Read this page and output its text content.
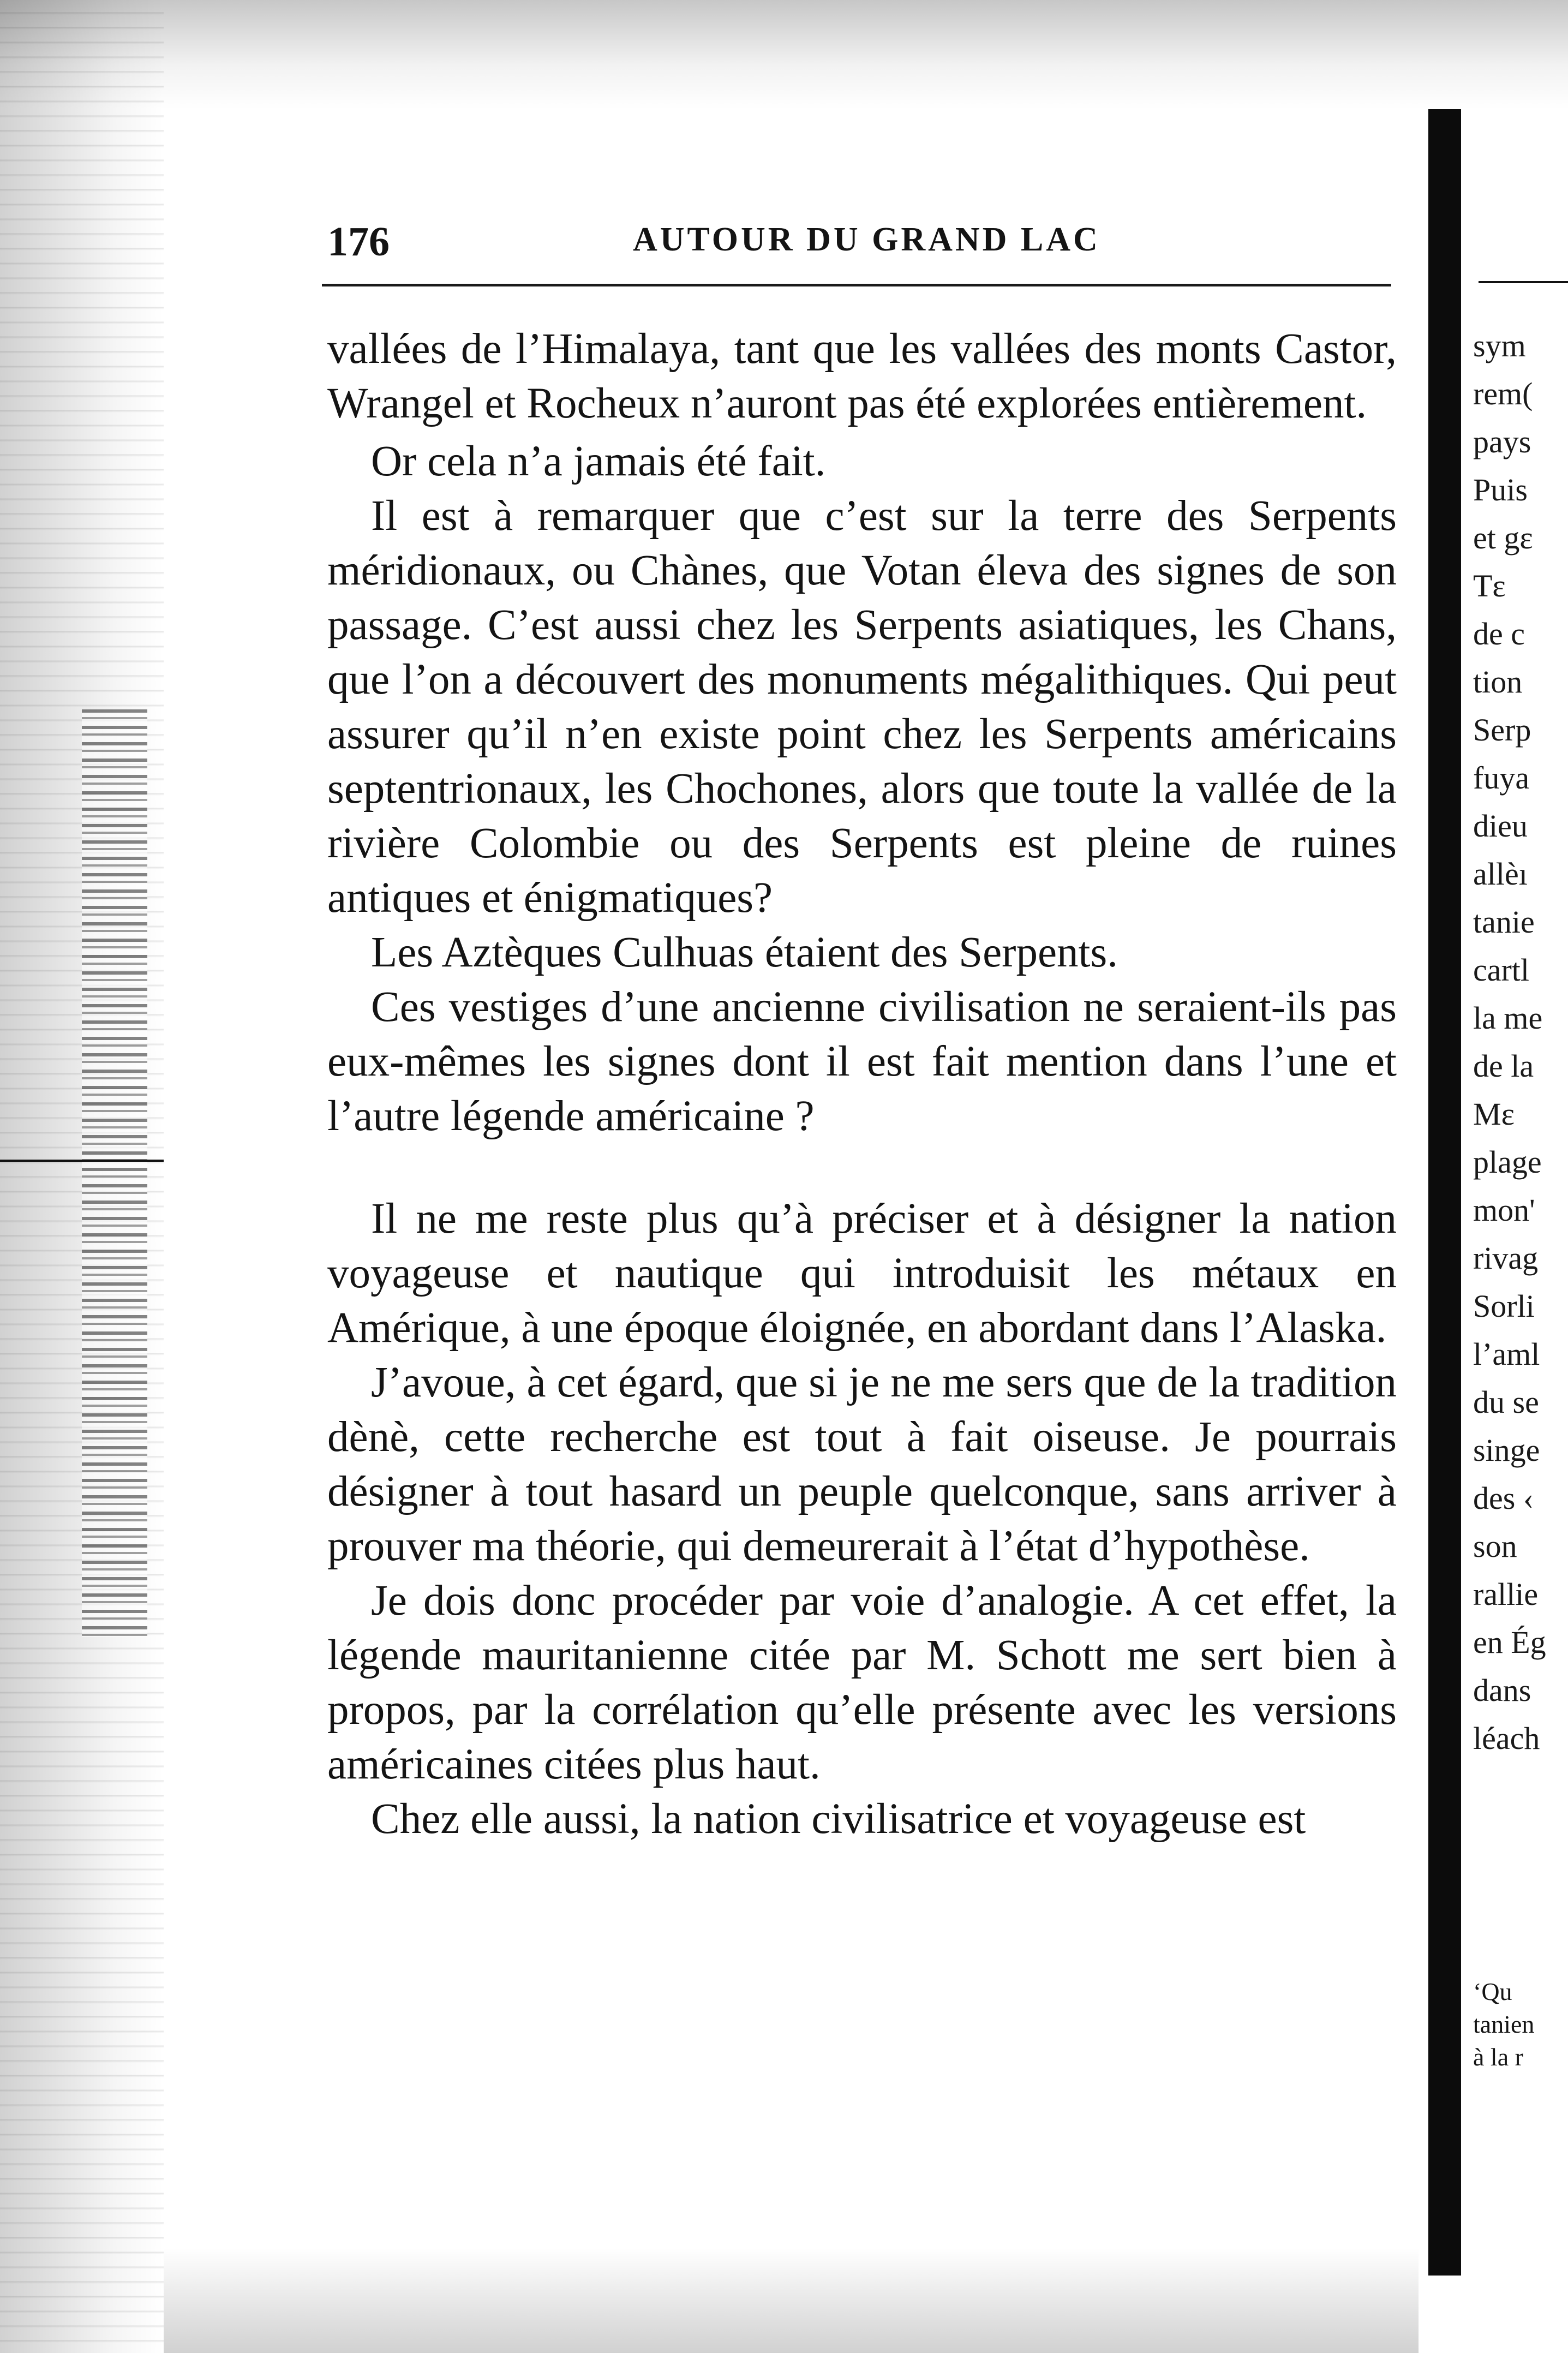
176	AUTOUR DU GRAND LAC

vallées de l’Himalaya, tant que les vallées des monts Castor, Wrangel et Rocheux n’auront pas été explorées entièrement.

Or cela n’a jamais été fait.

Il est à remarquer que c’est sur la terre des Serpents méridionaux, ou Chànes, que Votan éleva des signes de son passage. C’est aussi chez les Serpents asiatiques, les Chans, que l’on a découvert des monuments mégalithiques. Qui peut assurer qu’il n’en existe point chez les Serpents américains septentrionaux, les Chochones, alors que toute la vallée de la rivière Colombie ou des Serpents est pleine de ruines antiques et énigmatiques?

Les Aztèques Culhuas étaient des Serpents.

Ces vestiges d’une ancienne civilisation ne seraient-ils pas eux-mêmes les signes dont il est fait mention dans l’une et l’autre légende américaine ?

Il ne me reste plus qu’à préciser et à désigner la nation voyageuse et nautique qui introduisit les métaux en Amérique, à une époque éloignée, en abordant dans l’Alaska.

J’avoue, à cet égard, que si je ne me sers que de la tradition dènè, cette recherche est tout à fait oiseuse. Je pourrais désigner à tout hasard un peuple quelconque, sans arriver à prouver ma théorie, qui demeurerait à l’état d’hypothèse.

Je dois donc procéder par voie d’analogie. A cet effet, la légende mauritanienne citée par M. Schott me sert bien à propos, par la corrélation qu’elle présente avec les versions américaines citées plus haut.

Chez elle aussi, la nation civilisatrice et voyageuse est

sym
rem(
pays
Puis
et gɛ
Tɛ
de c
tion
Serp
fuya
dieu
allèı
tanie
cartl
la me
de la
Mɛ
plage
mon'
rivag
Sorli
l’aml
du se
singe
des ‹
son
rallie
en Ég
dans
léach
‘Qu
tanien
à la r
